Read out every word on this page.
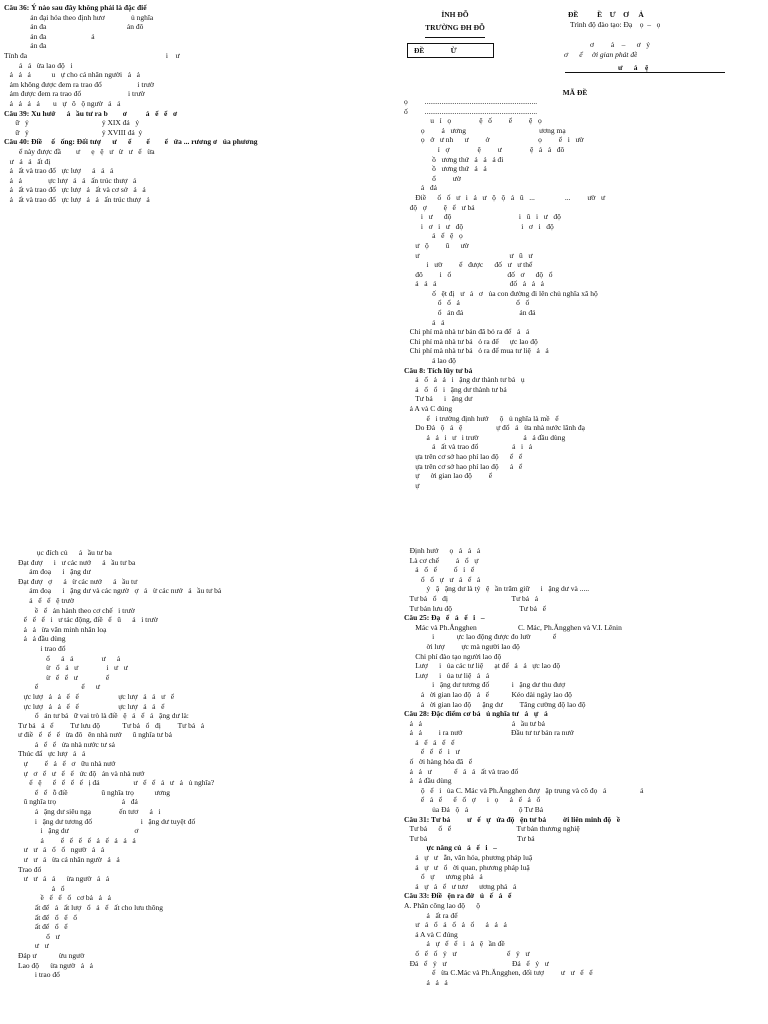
Câu 36: Ý nào sau đây không phải là đặc điể
ản đại hóa theo định hươ              ủ nghĩa
ản đa                                           ản đô
ản đa                        ả
ản đa
Tính đa                                                                          i    ư
ả   ả   ừa lao độ   i
ả   ả   ả           u   ự cho cá nhân người   ả   ả
ảm không được đem ra trao đổ                   i trườ
ảm được đem ra trao đổ                         i trườ
ả   ả   ả   ả       u   ự   ô   ộ ngườ   ả   ả
Câu 39: Xu hướ      ả   ầu tư ra b        ơ          ả   ể   ể   ơ
ữ   ỷ                                       ỷ XIX đả   ỷ
ữ   ỷ                                       ỷ XVIII đả  ỷ
Câu 40: Điề     ố   ống: Đối tượ      ư      ể        ể        ể   ứa ... rương ơ   ủa phương
ể này được đầ        ư      ẹ   ệ   ư   ừ   ư   ể   ừa
ư   ả   ả   ất đị
ả   ất và trao đổ   ực lượ      ả   ả   ả
ả   ả              ực lượ   ả   ả   ấn trúc thượ   ả
ả   ất và trao đổ   ực lượ   ả   ất và cơ sở   ả   ả
ả   ất và trao đổ   ực lượ   ả   ả   ấn trúc thượ   ả
ục đích củ      ả   ầu tư ba
Đạt đượ      i   ư các nướ      ả   ầu tư ba
ảm đoạ      i   ặng dư
Đạt đượ   ợ      ả   ừ các nướ      ả   ầu tư
ảm đoạ      i   ặng dư và các ngườ   ợ   ả   ừ các nướ   ả   ầu tư bả
ả   ể   ể   ệ trườ
ề   ể   ản hành theo cơ chế   i trườ
ể   ể   ể   i   ư tác động, điề   ể   ũ      ả   i trườ
ả   ả   ừa văn minh nhân loạ
ả   ả đầu dùng
i trao đổ
ổ      ả   ả               ư      ả
ừ   ổ   ả   ư               i   ư   ư
ừ   ể   ể   ư               ể
ể                       ể      ư
ực lượ   ả   ả   ể   ể                     ực lượ   ả   ả   ư   ể
ực lượ   ả   ả   ể   ể                     ực lượ   ả   ả   ể
ổ   ản tư bả   ữ vai trò là điề   ệ   ả   ể   ả   ặng dư là:
Tư bả   ả   ể         Tư lưu độ            Tư bả   ổ   đị         Tư bả   ả
ư điề   ể   ể   ể   ừa đô   ên nhà nướ      ũ nghĩa tư bả
ả   ể   ể   ửa nhà nước tư sả
Thúc đẩ   ực lượ   ả   ả
ự         ể   ả   ể   ơ   ữu nhà nướ
ự   ơ   ể   ư   ể   ể   ức độ   ản và nhà nướ
ể   ệ      ể   ể   ể   ế   ị đả                  ư   ể   ể   ả   ư   ả   ủ nghĩa?
ể   ể   ỗ điề                  ũ nghĩa trọ           ương
ũ nghĩa trọ                                   ả   đả
ả   ặng dư siêu ngạ               ến tươ      ả   i
i   ặng dư tương đố                          i   ặng dư tuyệt đố
i   ặng dư                                   ơ
ả         ể   ể   ể   ế   ả   ế   ả   ả   ả
ư   ư   ả   ổ   ổ   ngườ   ả   ả
ư   ư   ả   ừa cá nhân ngườ   ả   ả
Trao đổ
ư   ư   ả   ả      ừa ngườ   ả   ả
ả   ổ
ề   ể   ể   ổ   cơ bả   ả   ả
ất để   ả   ất lượ   ổ   ả   ể   ất cho lưu thông
ất để   ổ   ể   ổ
ất để   ổ   ể
ổ   ư
ư   ư
Đáp ư            ừu ngườ
Lao độ      ừa ngườ   ả   ả
i trao đổ
ỈNH ĐỖ
TRƯỜNG ĐH ĐỖ
ĐỀ              Ừ
ĐỀ          Ề    Ư    Ơ     Ả
Trình độ đào tạo: Đạ    ọ  –   ọ
ơ         ả    –      ơ   ỷ
ơ      ể     ời gian phát đề
ư      ả    ệ
MÃ ĐỀ
ọ         ............................................................
ố         ............................................................
u   ỉ   ọ               ệ   ố         ể         ệ   ọ
ọ         ả   ương                                       ương mạ
ọ   ở   ư nh      ư         ở                          ọ         ể   i   ườ
ỉ   ợ               ệ         ư               ệ   ả   ả   đô
ồ   ương thứ   ả   ả   ả đi
ồ   ương thứ   ả   ả
ổ         ườ
ả   đả
Điề      ố   ố   ư   i   ả   ư   ộ   ộ   ả   ũ   ...                ...         ườ   ư
độ   ợ         ệ   ể   ư bả
i   ư      độ                                    i   ũ   i   ư   độ
i   ơ   i   ư   độ                               i   ơ   i   độ
ả   ể   ệ   ọ
ư   ộ         ũ      ườ
ư                                                ư   ũ   ư
i   ườ         ể   được      đố   ư   ư thể
đô         i   ổ                              đố   ơ      độ   ổ
ả   ả   ả                                       đố   ả   ả   ả
ố   ệt đị   ư   ả   ơ   ủa con đường đi lên chủ nghĩa xã hộ
ổ   ổ   ả                              ổ   ổ
ổ   ản đả                              ản đả
ả   ả
Chi phí mà nhà tư bản đã bỏ ra để   ả   ả
Chi phí mà nhà tư bả   ỏ ra để      ực lao độ
Chi phí mà nhà tư bả   ỏ ra để mua tư liệ   ả   ả
ả lao độ
Câu 8: Tích lũy tư bả
ả   ổ   ả   ả   i   ặng dư thành tư bả   ụ
ả   ổ   ổ   i   ặng dư thành tư bả
Tư bả      i   ặng dư
ả A và C đúng
ể   i trường định hướ      ộ   ủ nghĩa là mề   ể
Do Đả   ộ   ả   ệ                  ự đổ   ả   ừa nhà nước lãnh đạ
ả   ả   i   ư   i trườ                        ả   ả đầu dùng
ả   ất và trao đổ                  ả   i   ả
ựa trên cơ sở hao phí lao độ      ể   ể
ựa trên cơ sở hao phí lao độ      ả   ể
ự      ời gian lao độ         ể
ự
Định hướ      ọ   ả   ả   ả
Là cơ chế         ả   ổ   ự
ả   ổ   ể         ố   ỉ   ể
ổ   ổ   ự   ư   ả   ể   ả
ỷ   ặ   ặng dư là tỷ   ệ   ần trăm giữ      i   ặng dư và .....
Tư bả   ổ   đị                                  Tư bả   ả
Tư bản lưu độ                                    Tư bả   ể
Câu 25: Đạ   ể   ả   ể   i   –
Mác và Ph.Ăngghen                      C. Mác, Ph.Ăngghen và V.I. Lênin
i            ực lao động được đo lườ            ể
ời lượ         ực mà người lao độ
Chi phí đào tạo người lao độ
Lượ      i   ủa các tư liệ      ạt để   ả   ả   ực lao độ
Lượ      i   ủa tư liệ   ả   ả
i   ặng dư tương đố            i   ặng dư thu đượ
ả   ời gian lao độ   ả   ể            Kéo dài ngày lao độ
ả   ời gian lao độ      ặng dư         Tăng cường độ lao độ
Câu 28: Đặc điểm cơ bả   ủ nghĩa tư   ả   ự   ả
ả   ả                                                ả   ầu tư bả
ả   ả         i ra nướ                          Đầu tư tư bản ra nướ
ả   ể   ả   ể   ể
ể   ể   ể   i   ư
ố   ời hàng hóa đã   ể
ả   ả   ư            ể   ả   ả   ất và trao đổ
ả   ả đầu dùng
ộ   ể   i   ủa C. Mác và Ph.Ăngghen đượ   ập trung và cô đọ   ả                  ả
ể   ả   ể      ể   ổ   ợ      i   ọ      ả   ể   ả   ổ
ủa Đả   ộ   ả                           ộ Tư Bả
Câu 31: Tư bả         ư   ế   ự   ứa độ   ện tư bả         ời liên minh độ   ề
Tư bả      ổ   ể                                   Tư bản thương nghiệ
Tư bả                                                Tư bả
ực năng củ   ả   ể   i   –
ả   ự   ư   ẫn, văn hóa, phương pháp luậ
ả   ự   ư   ổ   ời quan, phương pháp luậ
ổ   ự      ương phả   ả
ả   ự   ả   ể   ư tươ      ương phả   ả
Câu 33: Điề   ện ra đờ   ủ   ế   ả   ể
A. Phân công lao độ      ộ
ả   ất ra để
ư   ả   ổ   ả   ổ   ả   ổ      ả   ả   ả
ả A và C đúng
ả   ự   ể   ể   i   ả   ệ   ần đề
ổ   ể   ố   ỷ   ư                           ể   ỷ   ư
Đả   ể   ỷ   ư                                   Đả   ể   ỷ   ư
ể   ừa C.Mác và Ph.Ăngghen, đối tượ         ư   ư   ể   ể
ả   ả   ả
